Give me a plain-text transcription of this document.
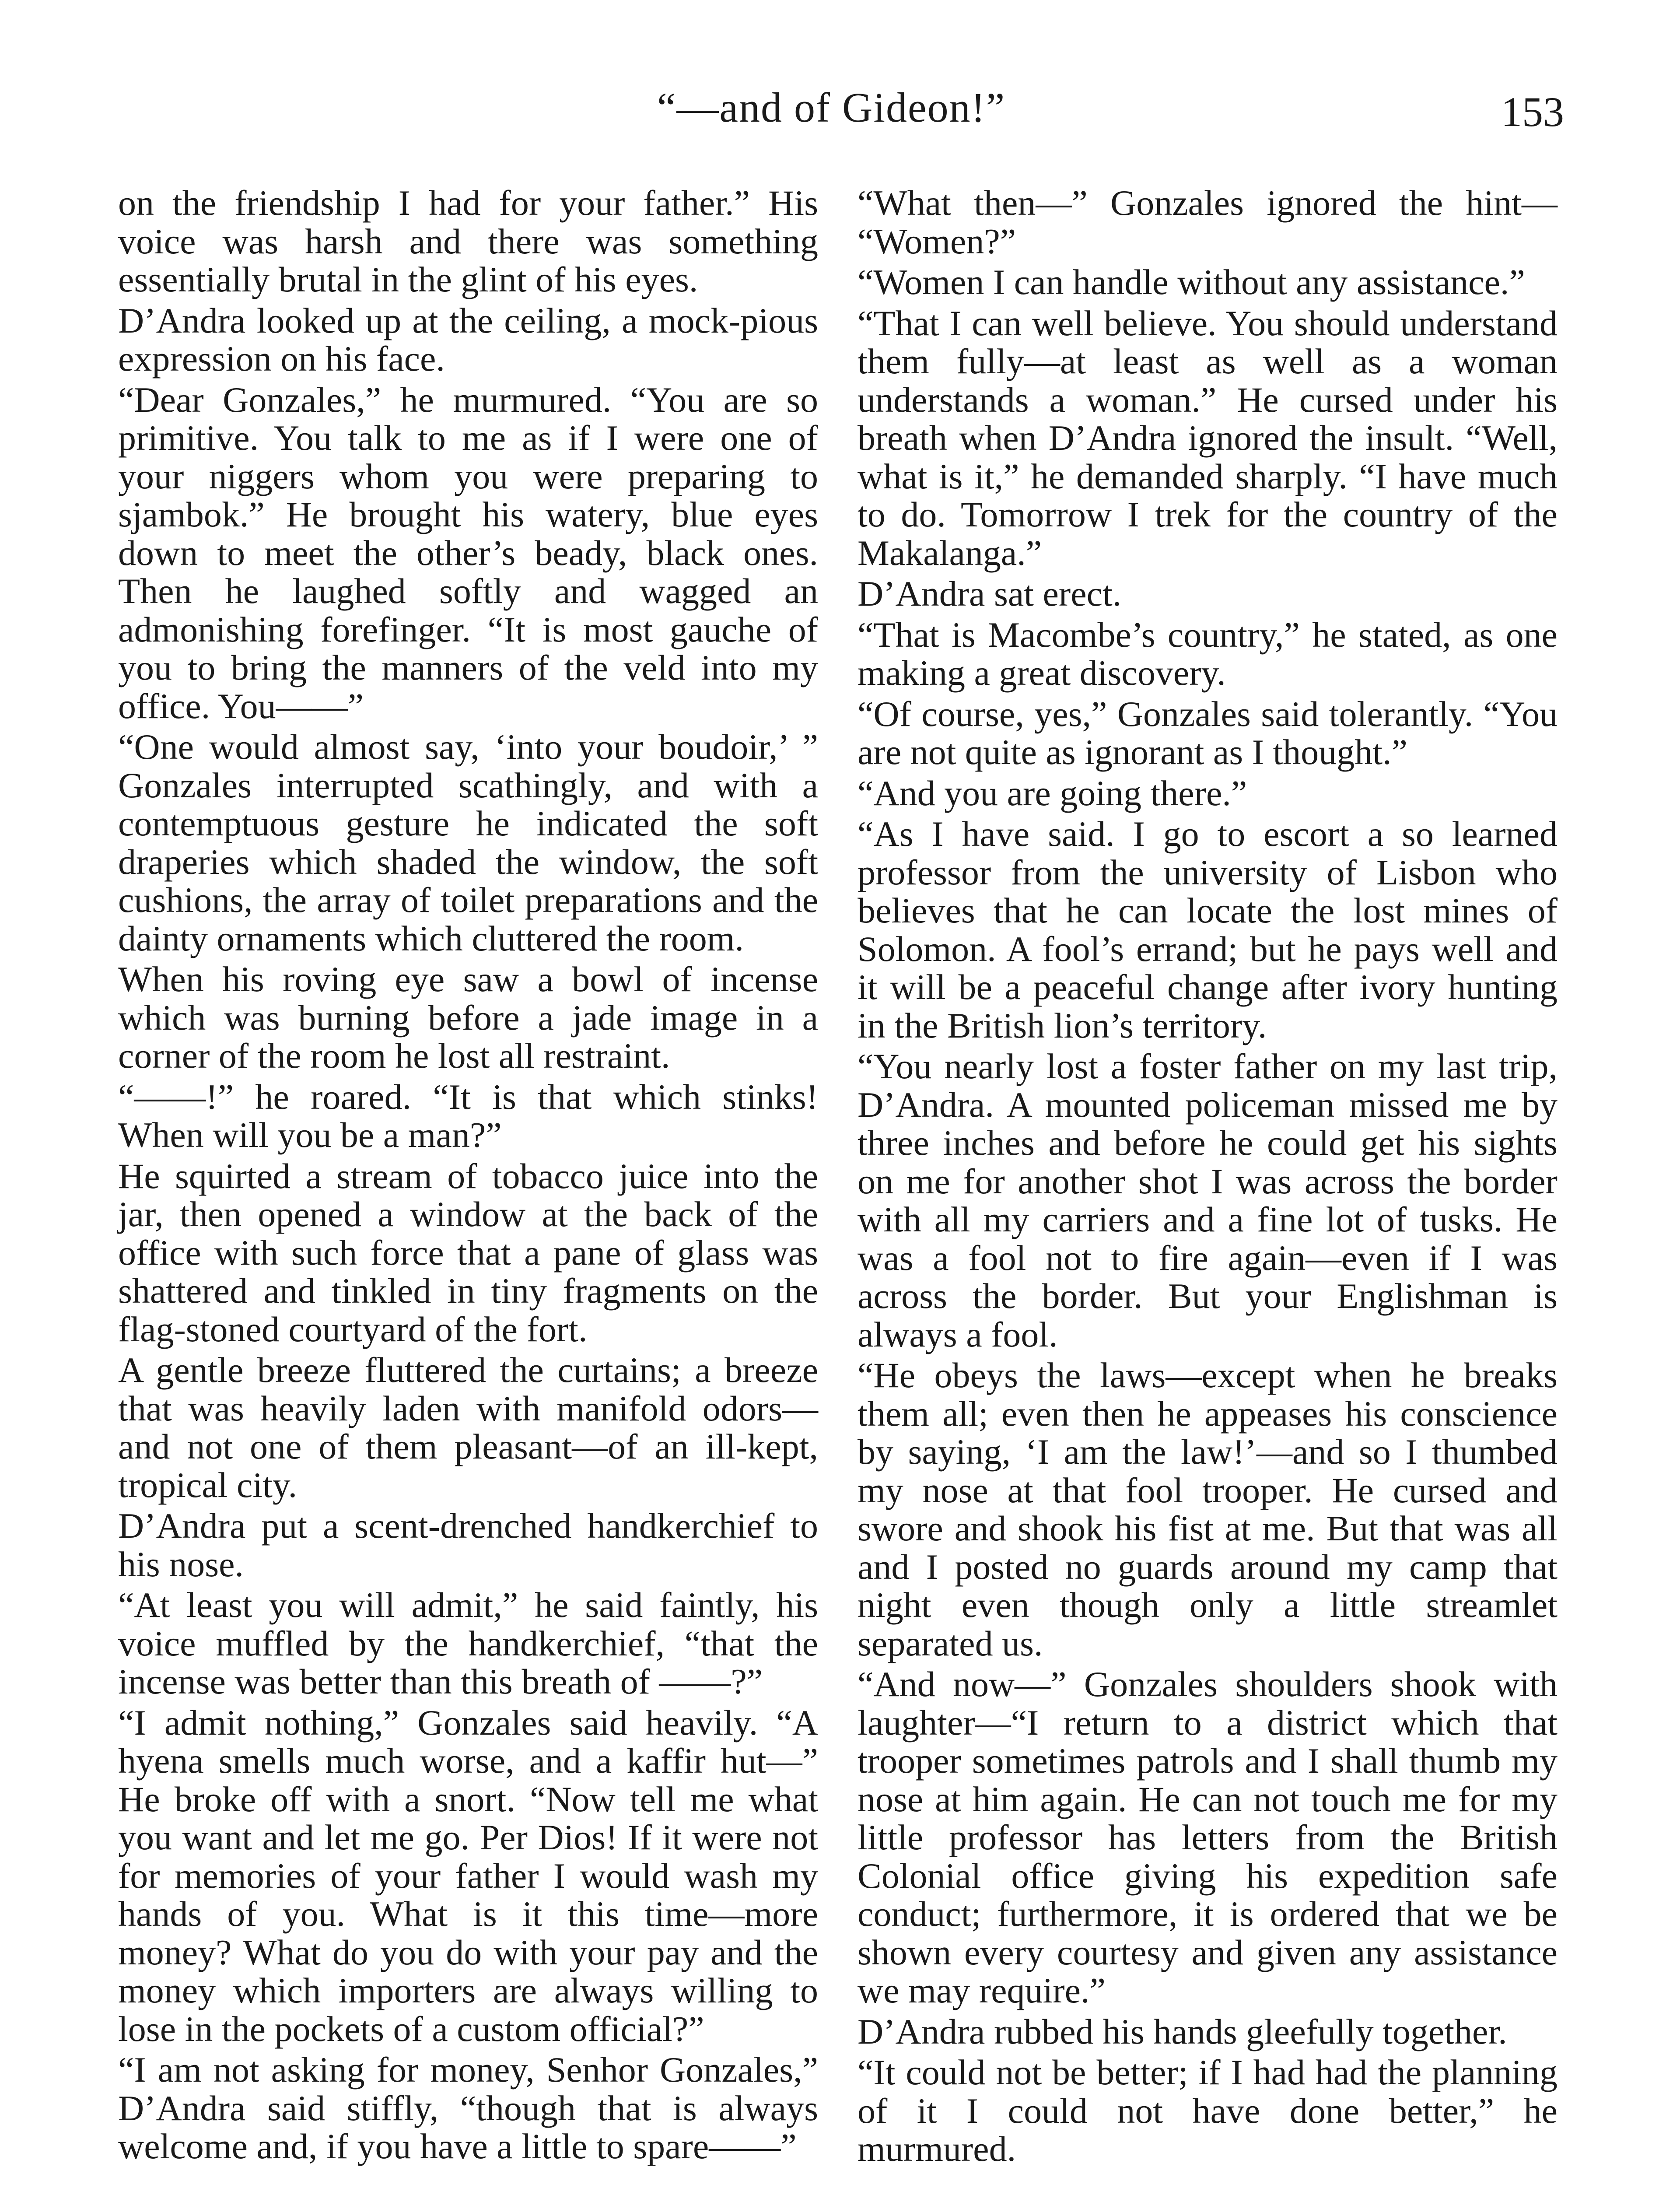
“—and of Gideon!”	153

on the friendship I had for your father.” His voice was harsh and there was something essentially brutal in the glint of his eyes.

D’Andra looked up at the ceiling, a mock-pious expression on his face.

“Dear Gonzales,” he murmured. “You are so primitive. You talk to me as if I were one of your niggers whom you were preparing to sjambok.” He brought his watery, blue eyes down to meet the other’s beady, black ones. Then he laughed softly and wagged an admonishing forefinger. “It is most gauche of you to bring the manners of the veld into my office. You——”

“One would almost say, ‘into your boudoir,’ ” Gonzales interrupted scathingly, and with a contemptuous gesture he indicated the soft draperies which shaded the window, the soft cushions, the array of toilet preparations and the dainty ornaments which cluttered the room.

When his roving eye saw a bowl of incense which was burning before a jade image in a corner of the room he lost all restraint.

“——!” he roared. “It is that which stinks! When will you be a man?”

He squirted a stream of tobacco juice into the jar, then opened a window at the back of the office with such force that a pane of glass was shattered and tinkled in tiny fragments on the flag-stoned courtyard of the fort.

A gentle breeze fluttered the curtains; a breeze that was heavily laden with manifold odors—and not one of them pleasant—of an ill-kept, tropical city.

D’Andra put a scent-drenched handkerchief to his nose.

“At least you will admit,” he said faintly, his voice muffled by the handkerchief, “that the incense was better than this breath of ——?”

“I admit nothing,” Gonzales said heavily. “A hyena smells much worse, and a kaffir hut—” He broke off with a snort. “Now tell me what you want and let me go. Per Dios! If it were not for memories of your father I would wash my hands of you. What is it this time—more money? What do you do with your pay and the money which importers are always willing to lose in the pockets of a custom official?”

“I am not asking for money, Senhor Gonzales,” D’Andra said stiffly, “though that is always welcome and, if you have a little to spare——”

“What then—” Gonzales ignored the hint— “Women?”

“Women I can handle without any assistance.”

“That I can well believe. You should understand them fully—at least as well as a woman understands a woman.” He cursed under his breath when D’Andra ignored the insult. “Well, what is it,” he demanded sharply. “I have much to do. Tomorrow I trek for the country of the Makalanga.”

D’Andra sat erect.

“That is Macombe’s country,” he stated, as one making a great discovery.

“Of course, yes,” Gonzales said tolerantly. “You are not quite as ignorant as I thought.”

“And you are going there.”

“As I have said. I go to escort a so learned professor from the university of Lisbon who believes that he can locate the lost mines of Solomon. A fool’s errand; but he pays well and it will be a peaceful change after ivory hunting in the British lion’s territory.

“You nearly lost a foster father on my last trip, D’Andra. A mounted policeman missed me by three inches and before he could get his sights on me for another shot I was across the border with all my carriers and a fine lot of tusks. He was a fool not to fire again—even if I was across the border. But your Englishman is always a fool.

“He obeys the laws—except when he breaks them all; even then he appeases his conscience by saying, ‘I am the law!’—and so I thumbed my nose at that fool trooper. He cursed and swore and shook his fist at me. But that was all and I posted no guards around my camp that night even though only a little streamlet separated us.

“And now—” Gonzales shoulders shook with laughter—“I return to a district which that trooper sometimes patrols and I shall thumb my nose at him again. He can not touch me for my little professor has letters from the British Colonial office giving his expedition safe conduct; furthermore, it is ordered that we be shown every courtesy and given any assistance we may require.”

D’Andra rubbed his hands gleefully together.

“It could not be better; if I had had the planning of it I could not have done better,” he murmured.
